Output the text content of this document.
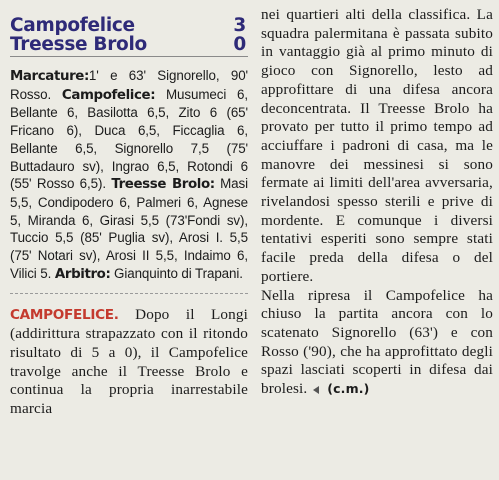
Campofelice	3
Treesse Brolo	0
Marcature:1' e 63' Signorello, 90' Rosso. Campofelice: Musumeci 6, Bellante 6, Basilotta 6,5, Zito 6 (65' Fricano 6), Duca 6,5, Ficcaglia 6, Bellante 6,5, Signorello 7,5 (75' Buttadauro sv), Ingrao 6,5, Rotondi 6 (55' Rosso 6,5). Treesse Brolo: Masi 5,5, Condipodero 6, Palmeri 6, Agnese 5, Miranda 6, Girasi 5,5 (73'Fondi sv), Tuccio 5,5 (85' Puglia sv), Arosi I. 5,5 (75' Notari sv), Arosi II 5,5, Indaimo 6, Vilici 5. Arbitro: Gianquinto di Trapani.

CAMPOFELICE. Dopo il Longi (addirittura strapazzato con il ritondo risultato di 5 a 0), il Campofelice travolge anche il Treesse Brolo e continua la propria inarrestabile marcia

nei quartieri alti della classifica. La squadra palermitana è passata subito in vantaggio già al primo minuto di gioco con Signorello, lesto ad approfittare di una difesa ancora deconcentrata. Il Treesse Brolo ha provato per tutto il primo tempo ad acciuffare i padroni di casa, ma le manovre dei messinesi si sono fermate ai limiti dell'area avversaria, rivelandosi spesso sterili e prive di mordente. E comunque i diversi tentativi esperiti sono sempre stati facile preda della difesa o del portiere.

Nella ripresa il Campofelice ha chiuso la partita ancora con lo scatenato Signorello (63') e con Rosso ('90), che ha approfittato degli spazi lasciati scoperti in difesa dai brolesi. (c.m.)
